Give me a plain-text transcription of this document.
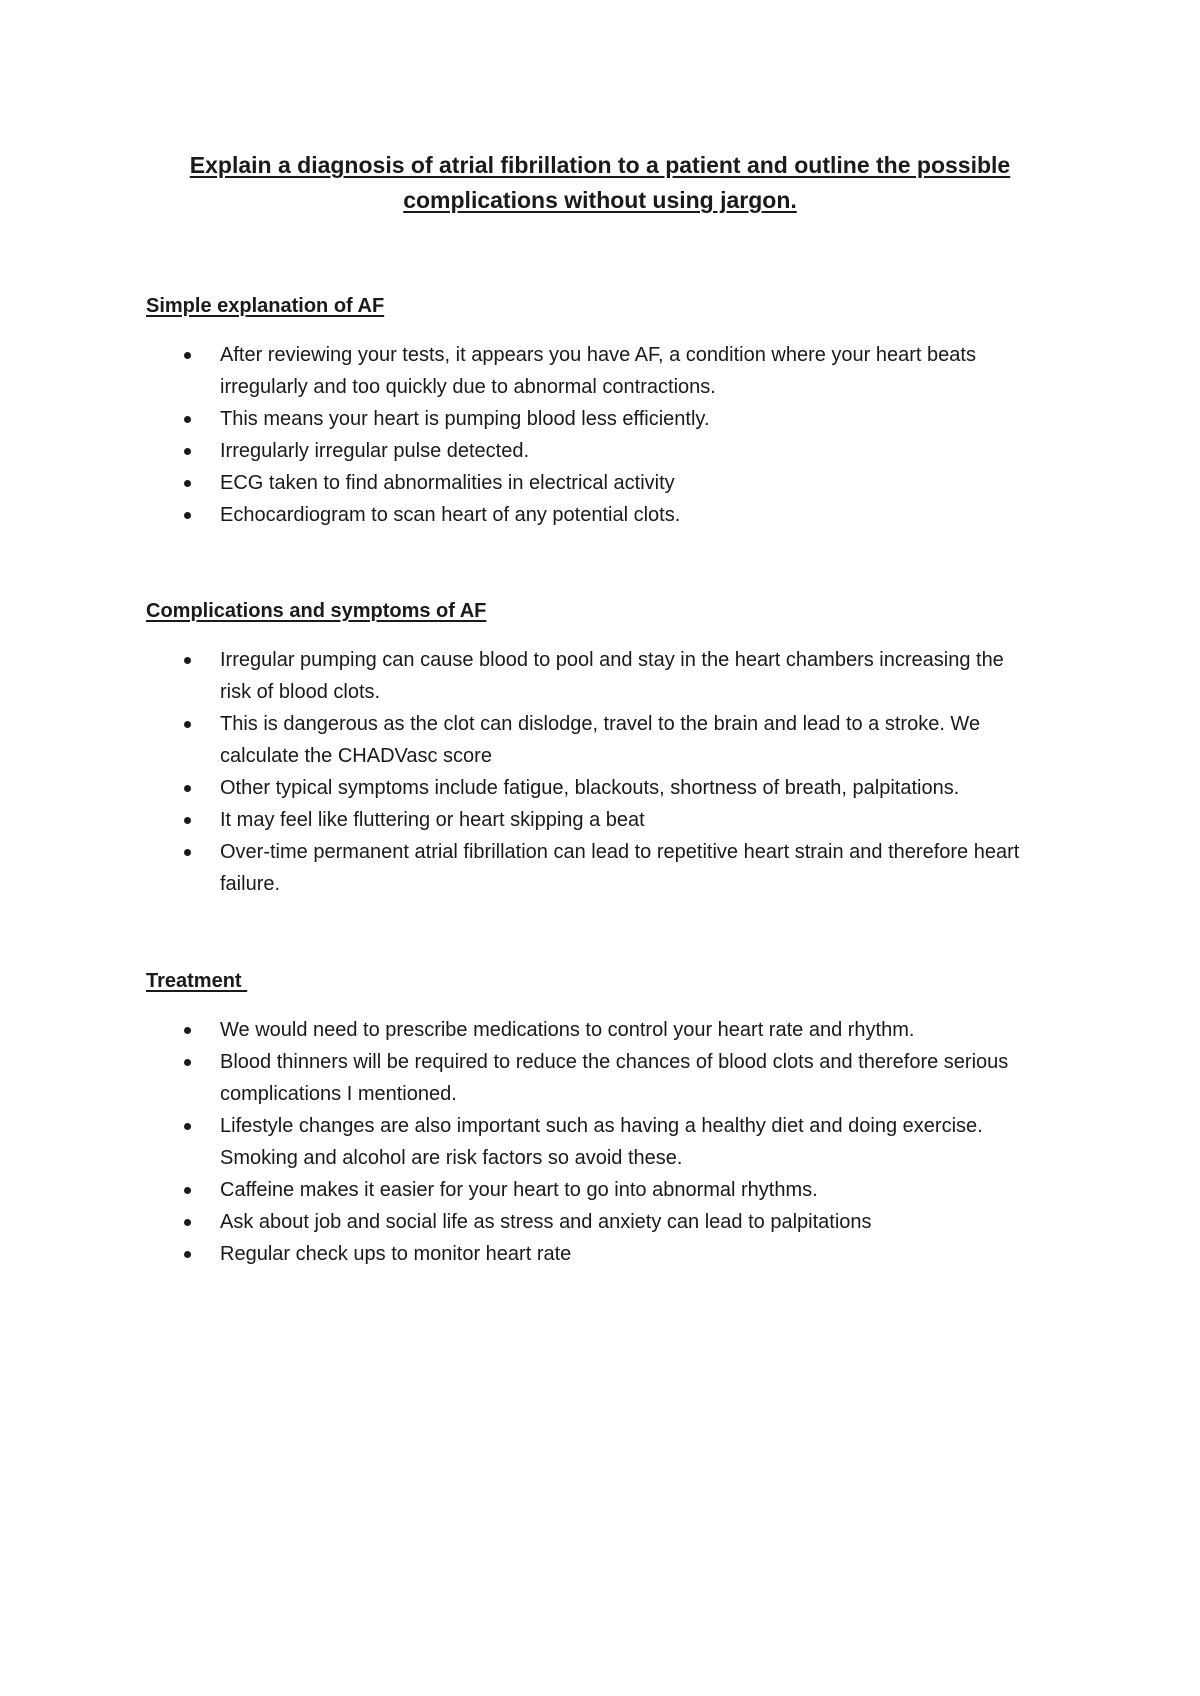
Explain a diagnosis of atrial fibrillation to a patient and outline the possible complications without using jargon.
Simple explanation of AF
After reviewing your tests, it appears you have AF, a condition where your heart beats irregularly and too quickly due to abnormal contractions.
This means your heart is pumping blood less efficiently.
Irregularly irregular pulse detected.
ECG taken to find abnormalities in electrical activity
Echocardiogram to scan heart of any potential clots.
Complications and symptoms of AF
Irregular pumping can cause blood to pool and stay in the heart chambers increasing the risk of blood clots.
This is dangerous as the clot can dislodge, travel to the brain and lead to a stroke. We calculate the CHADVasc score
Other typical symptoms include fatigue, blackouts, shortness of breath, palpitations.
It may feel like fluttering or heart skipping a beat
Over-time permanent atrial fibrillation can lead to repetitive heart strain and therefore heart failure.
Treatment
We would need to prescribe medications to control your heart rate and rhythm.
Blood thinners will be required to reduce the chances of blood clots and therefore serious complications I mentioned.
Lifestyle changes are also important such as having a healthy diet and doing exercise. Smoking and alcohol are risk factors so avoid these.
Caffeine makes it easier for your heart to go into abnormal rhythms.
Ask about job and social life as stress and anxiety can lead to palpitations
Regular check ups to monitor heart rate
